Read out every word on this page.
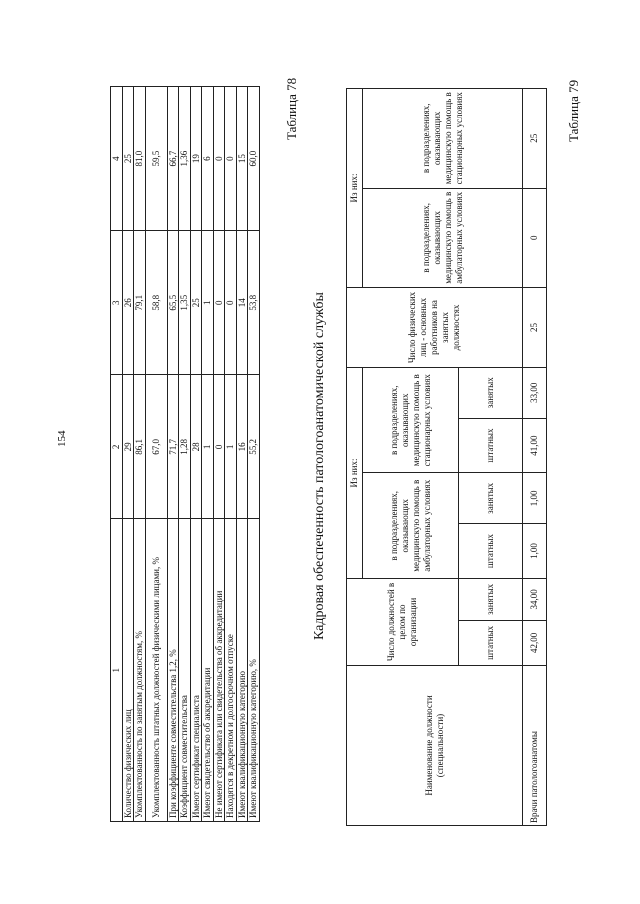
154
1	2	3	4
Количество физических лиц	29	26	25
Укомплектованность по занятым должностям, %	86,1	79,1	81,0
Укомплектованность штатных должностей физическими лицами, %	67,0	58,8	59,5
При коэффициенте совместительства 1,2, %	71,7	65,5	66,7
Коэффициент совместительства	1,28	1,35	1,36
Имеют сертификат специалиста	28	25	19
Имеют свидетельство об аккредитации	1	1	6
Не имеют сертификата или свидетельства об аккредитации	0	0	0
Находятся в декретном и долгосрочном отпуске	1	0	0
Имеют квалификационную категорию	16	14	15
Имеют квалификационную категорию, %	55,2	53,8	60,0
Таблица 78
Кадровая обеспеченность патологоанатомической службы
Наименование должности (специальности)	Число должностей в целом по организации		Из них:				Число физических лиц - основных работников на занятых должностях	Из них:	
			в подразделениях, оказывающих медицинскую помощь в амбулаторных условиях		в подразделениях, оказывающих медицинскую помощь в стационарных условиях			в подразделениях, оказывающих медицинскую помощь в амбулаторных условиях	в подразделениях, оказывающих медицинскую помощь в стационарных условиях
	штатных	занятых	штатных	занятых	штатных	занятых			
Врачи патологоанатомы	42,00	34,00	1,00	1,00	41,00	33,00	25	0	25 Таблица 79
